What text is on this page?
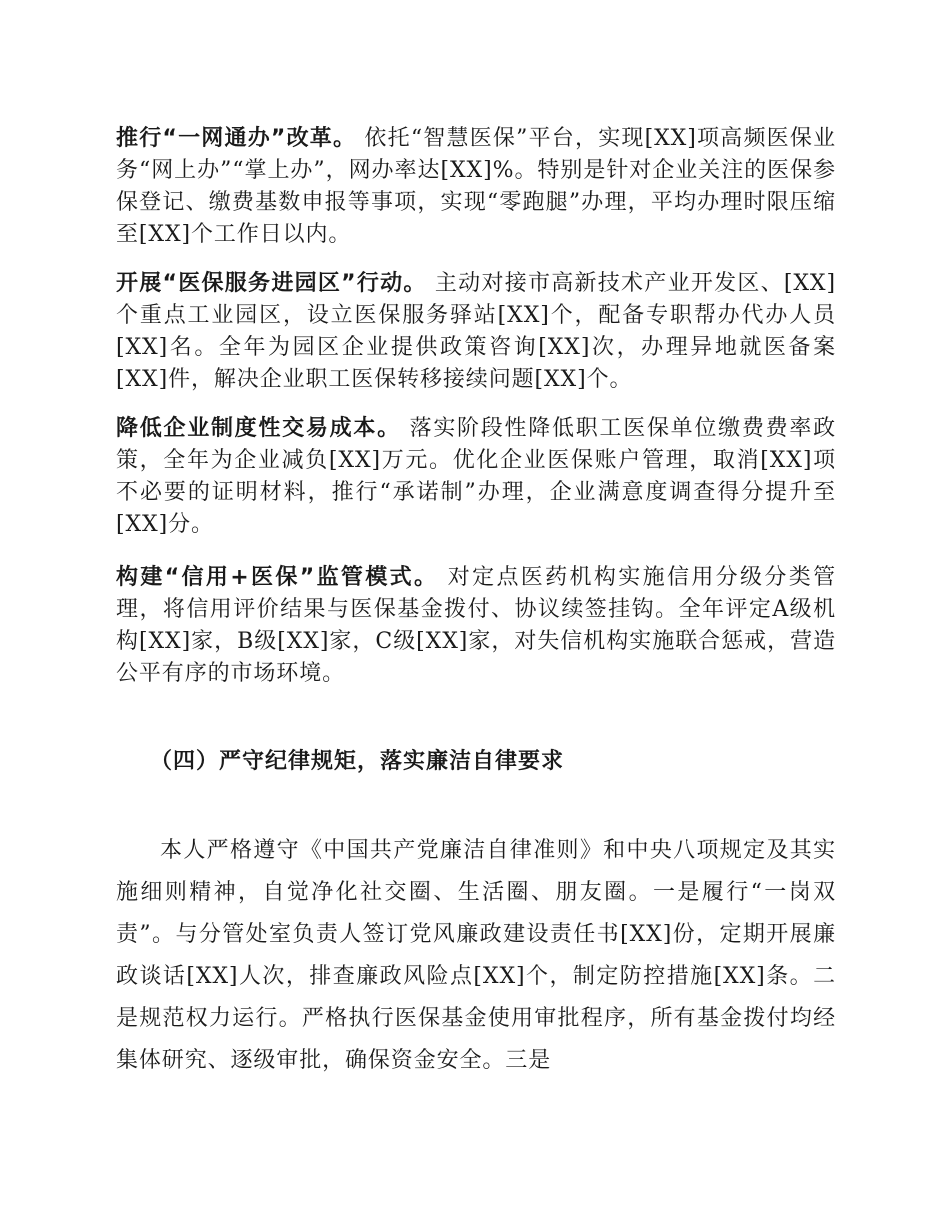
推行“一网通办”改革。 依托“智慧医保”平台，实现[XX]项高频医保业务“网上办”“掌上办”，网办率达[XX]%。特别是针对企业关注的医保参保登记、缴费基数申报等事项，实现“零跑腿”办理，平均办理时限压缩至[XX]个工作日以内。

开展“医保服务进园区”行动。 主动对接市高新技术产业开发区、[XX]个重点工业园区，设立医保服务驿站[XX]个，配备专职帮办代办人员[XX]名。全年为园区企业提供政策咨询[XX]次，办理异地就医备案[XX]件，解决企业职工医保转移接续问题[XX]个。

降低企业制度性交易成本。 落实阶段性降低职工医保单位缴费费率政策，全年为企业减负[XX]万元。优化企业医保账户管理，取消[XX]项不必要的证明材料，推行“承诺制”办理，企业满意度调查得分提升至[XX]分。

构建“信用+医保”监管模式。 对定点医药机构实施信用分级分类管理，将信用评价结果与医保基金拨付、协议续签挂钩。全年评定A级机构[XX]家，B级[XX]家，C级[XX]家，对失信机构实施联合惩戒，营造公平有序的市场环境。

（四）严守纪律规矩，落实廉洁自律要求

本人严格遵守《中国共产党廉洁自律准则》和中央八项规定及其实施细则精神，自觉净化社交圈、生活圈、朋友圈。一是履行“一岗双责”。与分管处室负责人签订党风廉政建设责任书[XX]份，定期开展廉政谈话[XX]人次，排查廉政风险点[XX]个，制定防控措施[XX]条。二是规范权力运行。严格执行医保基金使用审批程序，所有基金拨付均经集体研究、逐级审批，确保资金安全。三是
